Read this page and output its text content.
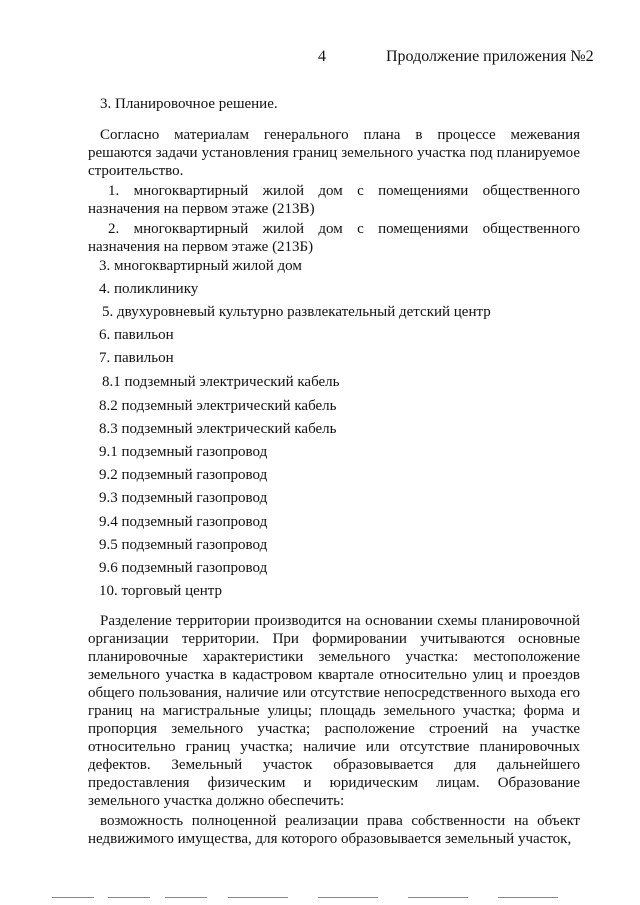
4	Продолжение приложения №2
3. Планировочное решение.

Согласно материалам генерального плана в процессе межевания решаются задачи установления границ земельного участка под планируемое строительство.

1. многоквартирный жилой дом с помещениями общественного назначения на первом этаже (213В)

2. многоквартирный жилой дом с помещениями общественного назначения на первом этаже (213Б)

3. многоквартирный жилой дом

4. поликлинику

5. двухуровневый культурно развлекательный детский центр

6. павильон

7. павильон

8.1 подземный электрический кабель

8.2 подземный электрический кабель

8.3 подземный электрический кабель

9.1 подземный газопровод

9.2 подземный газопровод

9.3 подземный газопровод

9.4 подземный газопровод

9.5 подземный газопровод

9.6 подземный газопровод

10. торговый центр

Разделение территории производится на основании схемы планировочной организации территории. При формировании учитываются основные планировочные характеристики земельного участка: местоположение земельного участка в кадастровом квартале относительно улиц и проездов общего пользования, наличие или отсутствие непосредственного выхода его границ на магистральные улицы; площадь земельного участка; форма и пропорция земельного участка; расположение строений на участке относительно границ участка; наличие или отсутствие планировочных дефектов. Земельный участок образовывается для дальнейшего предоставления физическим и юридическим лицам. Образование земельного участка должно обеспечить:

возможность полноценной реализации права собственности на объект недвижимого имущества, для которого образовывается земельный участок,
